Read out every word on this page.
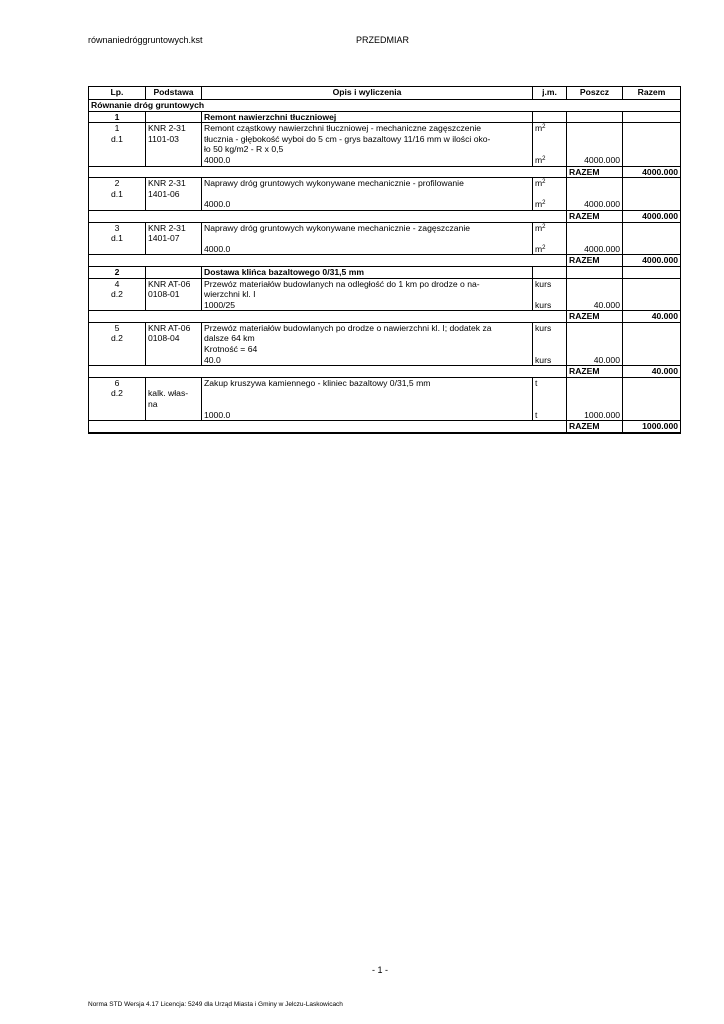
równaniedróggruntowych.kst	PRZEDMIAR
Lp.	Podstawa	Opis i wyliczenia	j.m.	Poszcz	Razem
Równanie dróg gruntowych					
1		Remont nawierzchni tłuczniowej			
1	KNR 2-31	Remont cząstkowy nawierzchni tłuczniowej - mechaniczne zagęszczenie	$m^2$		
d.1	1101-03	tłucznia - głębokość wyboi do 5 cm - grys bazaltowy 11/16 mm w ilości oko-			
		ło 50 kg/m2 - R x 0,5			
		4000.0	$m^2$	4000.000	
				RAZEM	4000.000
2	KNR 2-31	Naprawy dróg gruntowych wykonywane mechanicznie - profilowanie	$m^2$		
d.1	1401-06				
		4000.0	$m^2$	4000.000	
				RAZEM	4000.000
3	KNR 2-31	Naprawy dróg gruntowych wykonywane mechanicznie - zagęszczanie	$m^2$		
d.1	1401-07				
		4000.0	$m^2$	4000.000	
				RAZEM	4000.000
2		Dostawa klińca bazaltowego 0/31,5 mm			
4	KNR AT-06	Przewóz materiałów budowlanych na odległość do 1 km po drodze o na-	kurs		
d.2	0108-01	wierzchni kl. I			
		1000/25	kurs	40.000	
				RAZEM	40.000
5	KNR AT-06	Przewóz materiałów budowlanych po drodze o nawierzchni kl. I; dodatek za	kurs		
d.2	0108-04	dalsze 64 km			
		Krotność = 64			
		40.0	kurs	40.000	
				RAZEM	40.000
6		Zakup kruszywa kamiennego - kliniec bazaltowy 0/31,5 mm	t		
d.2	kalk. włas-				
	na				
		1000.0	t	1000.000	
				RAZEM	1000.000
- 1 -
Norma STD Wersja 4.17 Licencja: 5249 dla Urząd Miasta i Gminy w Jelczu-Laskowicach
